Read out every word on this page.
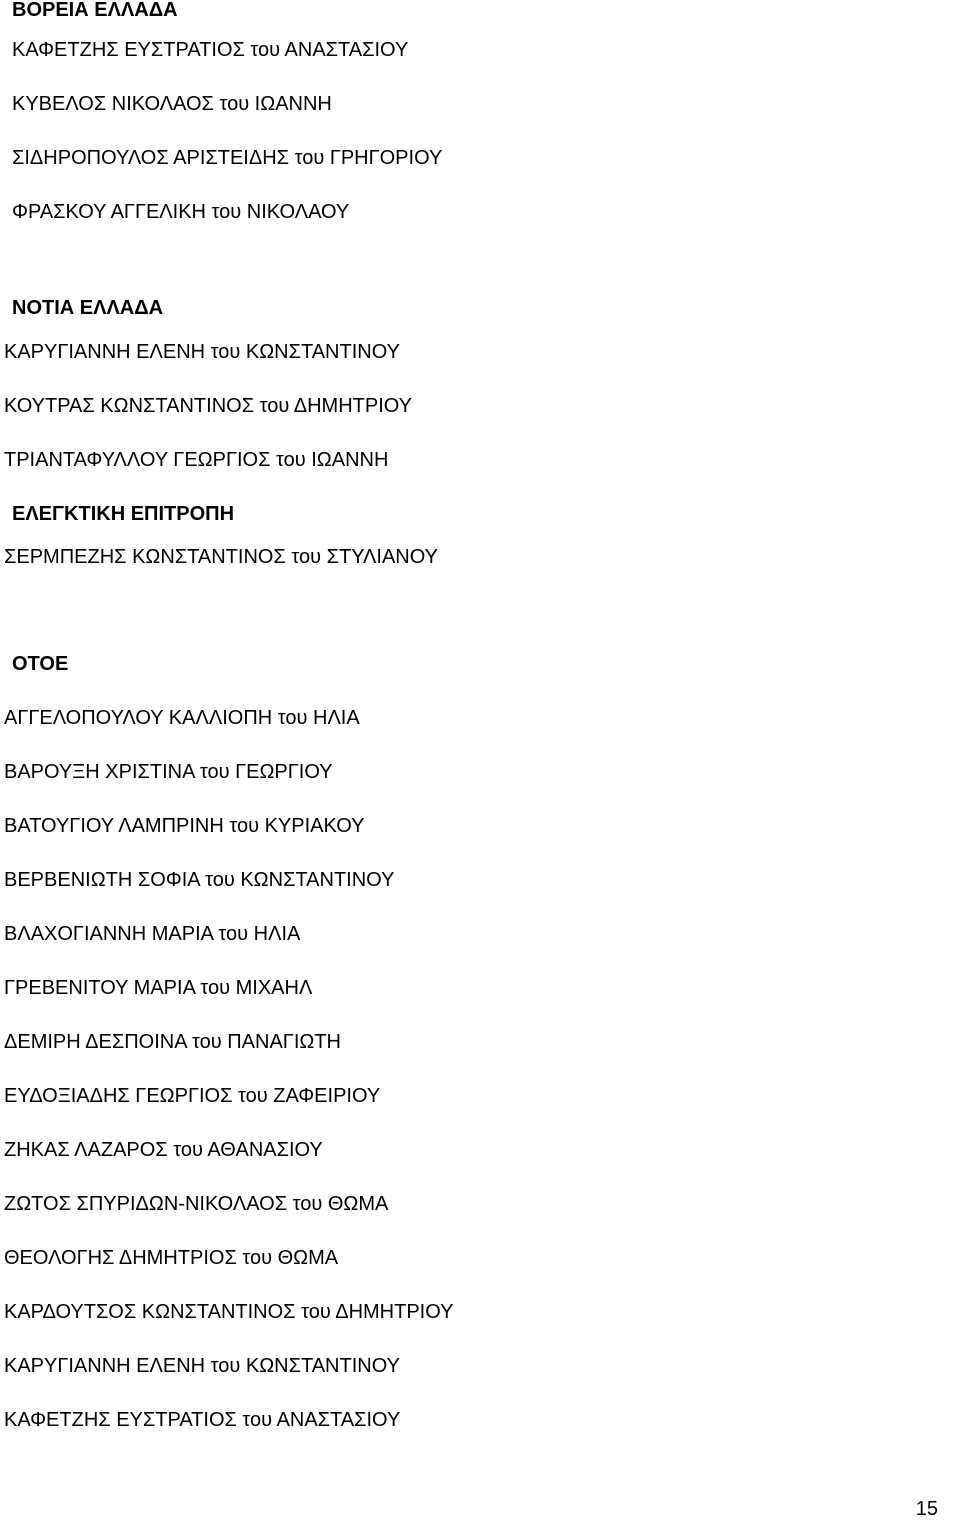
ΒΟΡΕΙΑ ΕΛΛΑΔΑ
ΚΑΦΕΤΖΗΣ ΕΥΣΤΡΑΤΙΟΣ του ΑΝΑΣΤΑΣΙΟΥ
ΚΥΒΕΛΟΣ ΝΙΚΟΛΑΟΣ του ΙΩΑΝΝΗ
ΣΙΔΗΡΟΠΟΥΛΟΣ ΑΡΙΣΤΕΙΔΗΣ του ΓΡΗΓΟΡΙΟΥ
ΦΡΑΣΚΟΥ ΑΓΓΕΛΙΚΗ του ΝΙΚΟΛΑΟΥ
ΝΟΤΙΑ ΕΛΛΑΔΑ
ΚΑΡΥΓΙΑΝΝΗ ΕΛΕΝΗ του ΚΩΝΣΤΑΝΤΙΝΟΥ
ΚΟΥΤΡΑΣ ΚΩΝΣΤΑΝΤΙΝΟΣ του ΔΗΜΗΤΡΙΟΥ
ΤΡΙΑΝΤΑΦΥΛΛΟΥ ΓΕΩΡΓΙΟΣ του ΙΩΑΝΝΗ
ΕΛΕΓΚΤΙΚΗ ΕΠΙΤΡΟΠΗ
ΣΕΡΜΠΕΖΗΣ ΚΩΝΣΤΑΝΤΙΝΟΣ του ΣΤΥΛΙΑΝΟΥ
ΟΤΟΕ
ΑΓΓΕΛΟΠΟΥΛΟΥ ΚΑΛΛΙΟΠΗ του ΗΛΙΑ
ΒΑΡΟΥΞΗ ΧΡΙΣΤΙΝΑ του ΓΕΩΡΓΙΟΥ
ΒΑΤΟΥΓΙΟΥ ΛΑΜΠΡΙΝΗ του ΚΥΡΙΑΚΟΥ
ΒΕΡΒΕΝΙΩΤΗ ΣΟΦΙΑ του ΚΩΝΣΤΑΝΤΙΝΟΥ
ΒΛΑΧΟΓΙΑΝΝΗ ΜΑΡΙΑ του ΗΛΙΑ
ΓΡΕΒΕΝΙΤΟΥ ΜΑΡΙΑ του ΜΙΧΑΗΛ
ΔΕΜΙΡΗ ΔΕΣΠΟΙΝΑ του ΠΑΝΑΓΙΩΤΗ
ΕΥΔΟΞΙΑΔΗΣ ΓΕΩΡΓΙΟΣ του ΖΑΦΕΙΡΙΟΥ
ΖΗΚΑΣ ΛΑΖΑΡΟΣ του ΑΘΑΝΑΣΙΟΥ
ΖΩΤΟΣ ΣΠΥΡΙΔΩΝ-ΝΙΚΟΛΑΟΣ του ΘΩΜΑ
ΘΕΟΛΟΓΗΣ ΔΗΜΗΤΡΙΟΣ του ΘΩΜΑ
ΚΑΡΔΟΥΤΣΟΣ ΚΩΝΣΤΑΝΤΙΝΟΣ του ΔΗΜΗΤΡΙΟΥ
ΚΑΡΥΓΙΑΝΝΗ ΕΛΕΝΗ του ΚΩΝΣΤΑΝΤΙΝΟΥ
ΚΑΦΕΤΖΗΣ ΕΥΣΤΡΑΤΙΟΣ του ΑΝΑΣΤΑΣΙΟΥ
15
